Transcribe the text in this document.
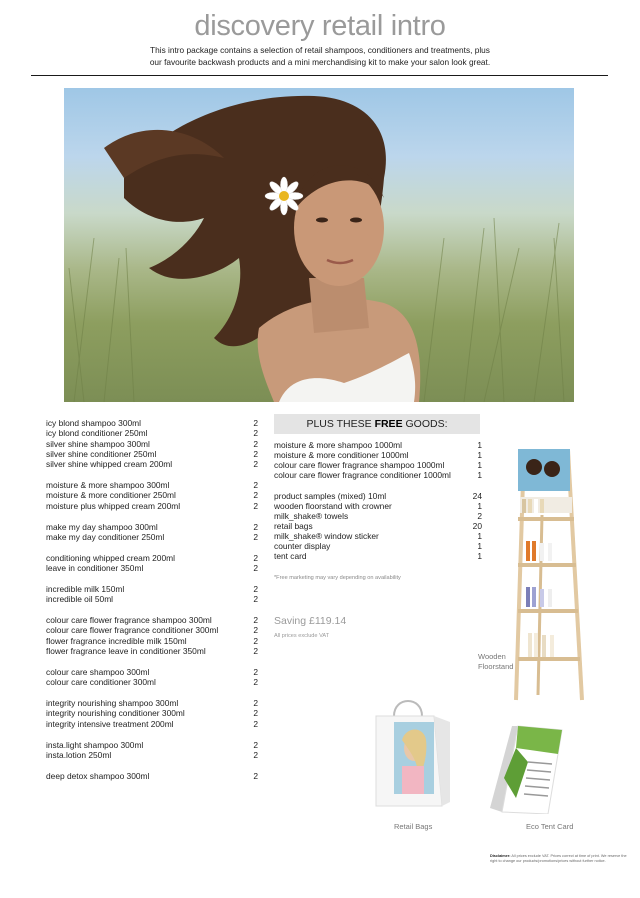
discovery retail intro
This intro package contains a selection of retail shampoos, conditioners and treatments, plus
our favourite backwash products and a mini merchandising kit to make your salon look great.
icy blond shampoo 300ml	2
icy blond conditioner 250ml	2
silver shine shampoo 300ml	2
silver shine conditioner 250ml	2
silver shine whipped cream 200ml	2
moisture & more shampoo 300ml	2
moisture & more conditioner 250ml	2
moisture plus whipped cream 200ml	2
make my day shampoo 300ml	2
make my day conditioner 250ml	2
conditioning whipped cream 200ml	2
leave in conditioner 350ml	2
incredible milk 150ml	2
incredible oil 50ml	2
colour care flower fragrance shampoo 300ml	2
colour care flower fragrance conditioner 300ml	2
flower fragrance incredible milk 150ml	2
flower fragrance leave in conditioner 350ml	2
colour care shampoo 300ml	2
colour care conditioner 300ml	2
integrity nourishing shampoo 300ml	2
integrity nourishing conditioner 300ml	2
integrity intensive treatment 200ml	2
insta.light shampoo 300ml	2
insta.lotion 250ml	2
deep detox shampoo 300ml	2
PLUS THESE FREE GOODS:
moisture & more shampoo 1000ml	1
moisture & more conditioner 1000ml	1
colour care flower fragrance shampoo 1000ml	1
colour care flower fragrance conditioner 1000ml	1
product samples (mixed) 10ml	24
wooden floorstand with crowner	1
milk_shake® towels	2
retail bags	20
milk_shake® window sticker	1
counter display	1
tent card	1
*Free marketing may vary depending on availability
Saving £119.14
All prices exclude VAT
Wooden
Floorstand
Retail Bags	Eco Tent Card
Disclaimer: All prices exclude VAT. Prices correct at time of print. We reserve the right to change our products/promotions/prices without further notice.
